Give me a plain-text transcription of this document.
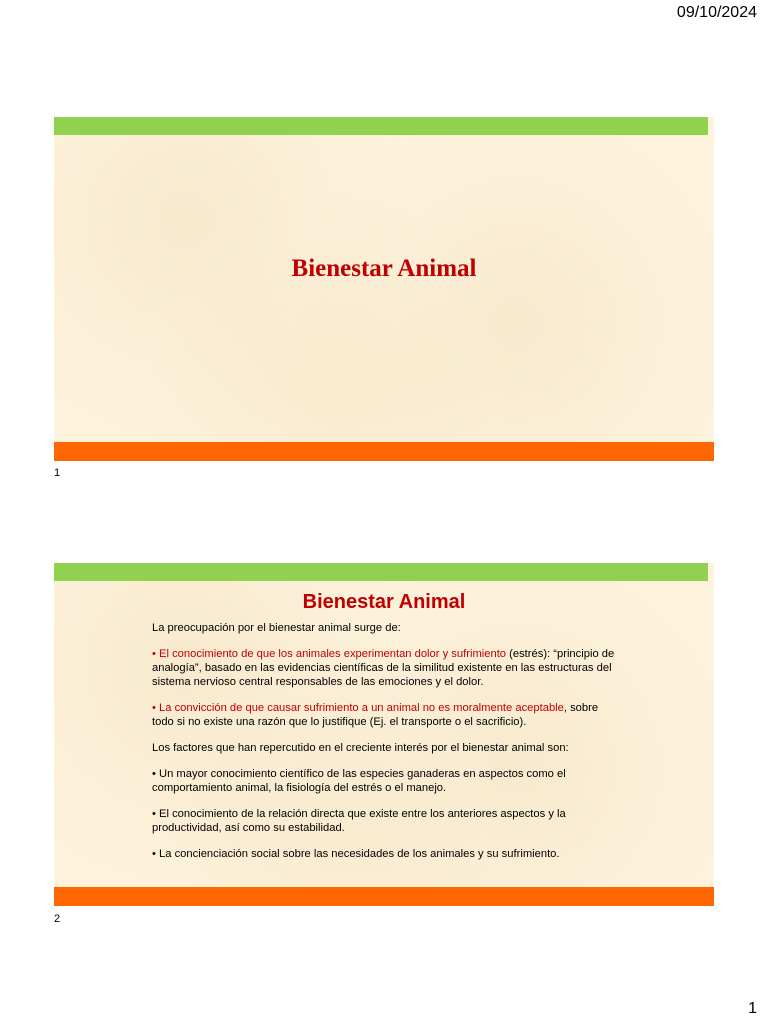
09/10/2024
Bienestar Animal
1
Bienestar Animal

La preocupación por el bienestar animal surge de:

• El conocimiento de que los animales experimentan dolor y sufrimiento (estrés): “principio de analogía”, basado en las evidencias científicas de la similitud existente en las estructuras del sistema nervioso central responsables de las emociones y el dolor.

• La convicción de que causar sufrimiento a un animal no es moralmente aceptable, sobre todo si no existe una razón que lo justifique (Ej. el transporte o el sacrificio).

Los factores que han repercutido en el creciente interés por el bienestar animal son:

• Un mayor conocimiento científico de las especies ganaderas en aspectos como el comportamiento animal, la fisiología del estrés o el manejo.

• El conocimiento de la relación directa que existe entre los anteriores aspectos y la productividad, así como su estabilidad.

• La concienciación social sobre las necesidades de los animales y su sufrimiento.

2
1
